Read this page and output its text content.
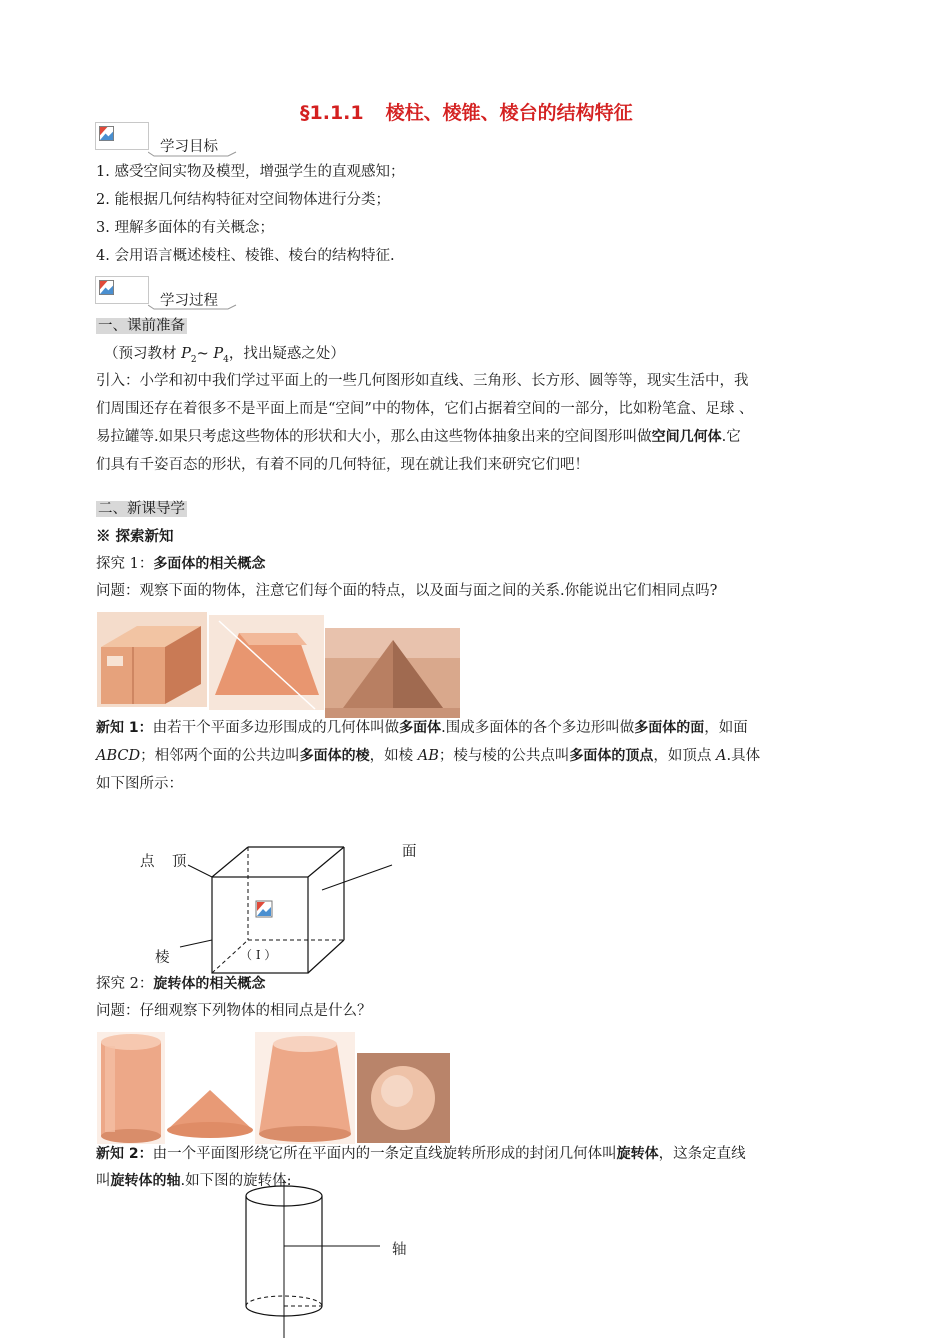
§1.1.1 棱柱、棱锥、棱台的结构特征
学习目标
1. 感受空间实物及模型，增强学生的直观感知；
2. 能根据几何结构特征对空间物体进行分类；
3. 理解多面体的有关概念；
4. 会用语言概述棱柱、棱锥、棱台的结构特征.
学习过程
一、课前准备
（预习教材 $P_2\sim$ $P_4$，找出疑惑之处）
引入：小学和初中我们学过平面上的一些几何图形如直线、三角形、长方形、圆等等，现实生活中，我
们周围还存在着很多不是平面上而是“空间”中的物体，它们占据着空间的一部分，比如粉笔盒、足球 、
易拉罐等.如果只考虑这些物体的形状和大小，那么由这些物体抽象出来的空间图形叫做空间几何体.它
们具有千姿百态的形状，有着不同的几何特征，现在就让我们来研究它们吧！
二、新课导学
※ 探索新知
探究 1：多面体的相关概念
问题：观察下面的物体，注意它们每个面的特点，以及面与面之间的关系.你能说出它们相同点吗?
新知 1：由若干个平面多边形围成的几何体叫做多面体.围成多面体的各个多边形叫做多面体的面，如面
ABCD；相邻两个面的公共边叫多面体的棱，如棱 AB；棱与棱的公共点叫多面体的顶点，如顶点 A.具体
如下图所示：
点 顶
面
棱	（ I ）
探究 2：旋转体的相关概念
问题：仔细观察下列物体的相同点是什么？
新知 2：由一个平面图形绕它所在平面内的一条定直线旋转所形成的封闭几何体叫旋转体，这条定直线
叫旋转体的轴.如下图的旋转体:
轴
